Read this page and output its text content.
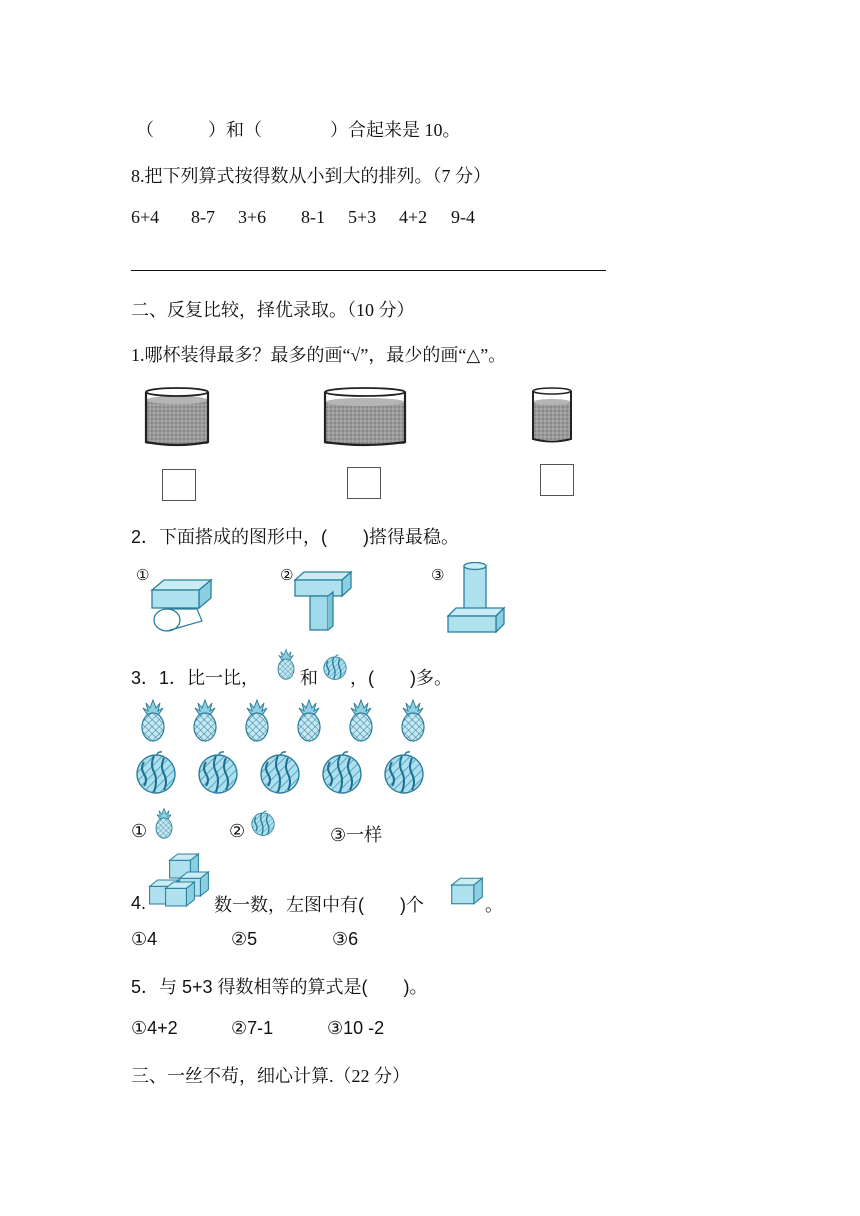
（	）和（	）合起来是 10。
8.把下列算式按得数从小到大的排列。（7 分）
6+4 8-7 3+6 8-1 5+3 4+2 9-4
二、反复比较，择优录取。（10 分）
1.哪杯装得最多？最多的画“√”，最少的画“△”。
2．下面搭成的图形中，(　　)搭得最稳。
①	②	③
3．1．比一比， 和 ，(　　)多。
①	②	③一样
4.	数一数，左图中有(　　)个	。
①4	②5	③6
5．与 5+3 得数相等的算式是(　　)。
①4+2	②7-1	③10 -2
三、一丝不苟，细心计算.（22 分）
